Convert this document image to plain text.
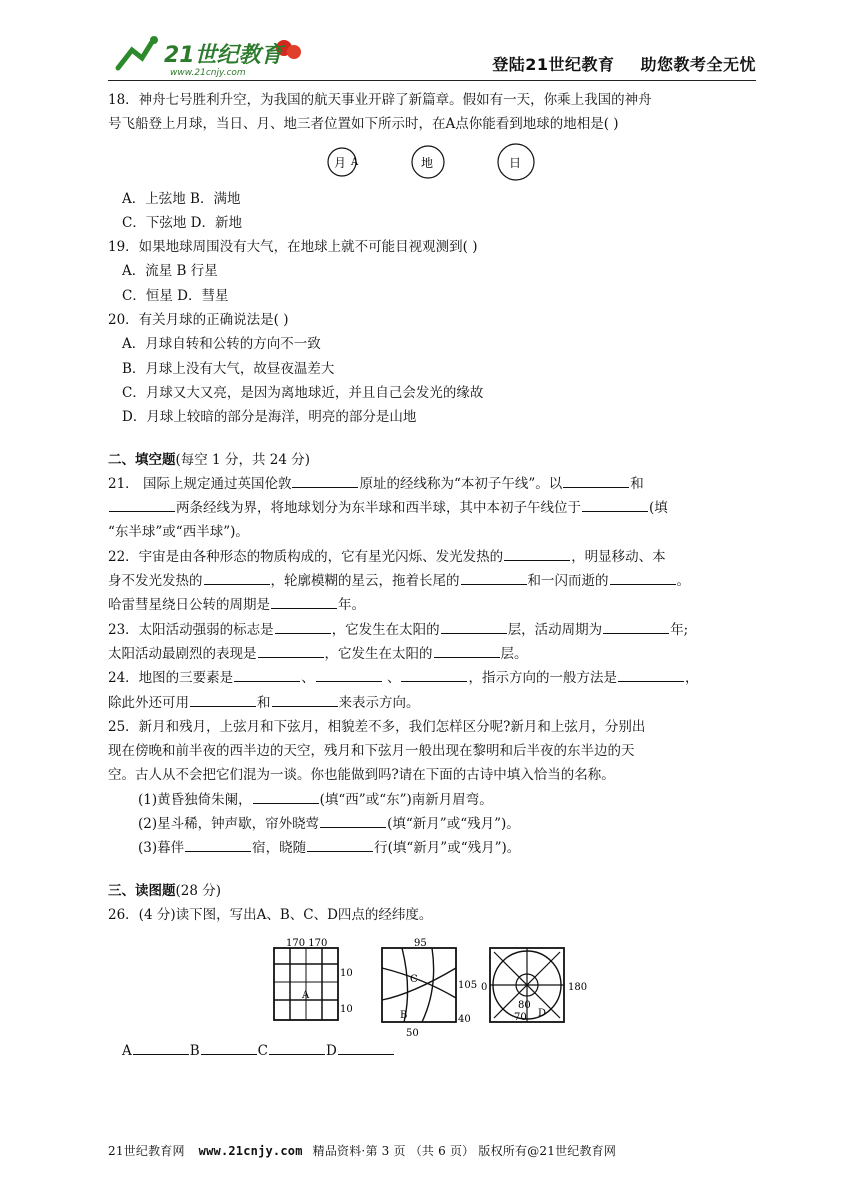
21世纪教育
www.21cnjy.com	登陆21世纪教育 助您教考全无忧
18．神舟七号胜利升空，为我国的航天事业开辟了新篇章。假如有一天，你乘上我国的神舟
号飞船登上月球，当日、月、地三者位置如下所示时，在A点你能看到地球的地相是( )
月 A	地	日
A．上弦地 B．满地
C．下弦地 D．新地
19．如果地球周围没有大气，在地球上就不可能目视观测到( )
A．流星 B 行星
C．恒星 D．彗星
20．有关月球的正确说法是( )
A．月球自转和公转的方向不一致
B．月球上没有大气，故昼夜温差大
C．月球又大又亮，是因为离地球近，并且自己会发光的缘故
D．月球上较暗的部分是海洋，明亮的部分是山地
二、填空题(每空 1 分，共 24 分)
21． 国际上规定通过英国伦敦	原址的经线称为“本初子午线”。以	和
两条经线为界，将地球划分为东半球和西半球，其中本初子午线位于	(填
“东半球”或“西半球”)。
22．宇宙是由各种形态的物质构成的，它有星光闪烁、发光发热的	，明显移动、本
身不发光发热的	，轮廓模糊的星云，拖着长尾的	和一闪而逝的	。
哈雷彗星绕日公转的周期是	年。
23．太阳活动强弱的标志是	，它发生在太阳的	层，活动周期为	年;
太阳活动最剧烈的表现是	，它发生在太阳的	层。
24．地图的三要素是	、	、	，指示方向的一般方法是	，
除此外还可用	和	来表示方向。
25．新月和残月，上弦月和下弦月，相貌差不多，我们怎样区分呢?新月和上弦月，分别出
现在傍晚和前半夜的西半边的天空，残月和下弦月一般出现在黎明和后半夜的东半边的天
空。古人从不会把它们混为一谈。你也能做到吗?请在下面的古诗中填入恰当的名称。
(1)黄昏独倚朱阑，	(填“西”或“东”)南新月眉弯。
(2)星斗稀，钟声歇，帘外晓莺	(填“新月”或“残月”)。
(3)暮伴	宿，晓随	行(填“新月”或“残月”)。
三、读图题(28 分)
26．(4 分)读下图，写出A、B、C、D四点的经纬度。
170 170
10
10
A
95
105
40
50
C
B
0	180
80
70 D
A	B	C	D
21世纪教育网 www.21cnjy.com 精品资料·第 3 页 （共 6 页） 版权所有@21世纪教育网
